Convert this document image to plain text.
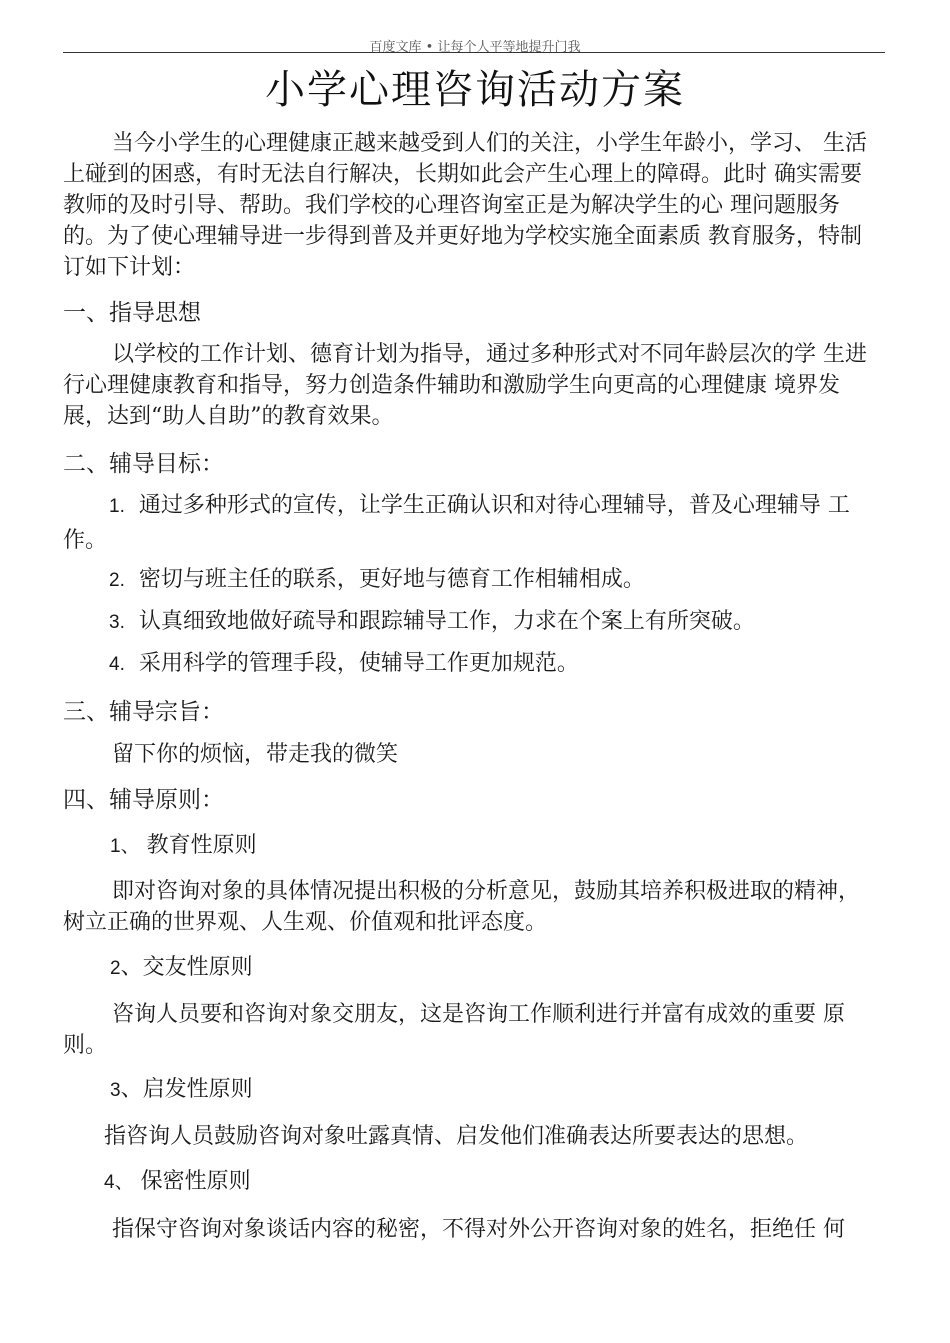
百度文库 • 让每个人平等地提升门我
小学心理咨询活动方案

当今小学生的心理健康正越来越受到人们的关注，小学生年龄小，学习、 生活上碰到的困惑，有时无法自行解决，长期如此会产生心理上的障碍。此时 确实需要教师的及时引导、帮助。我们学校的心理咨询室正是为解决学生的心 理问题服务的。为了使心理辅导进一步得到普及并更好地为学校实施全面素质 教育服务，特制订如下计划：

一、指导思想

以学校的工作计划、德育计划为指导，通过多种形式对不同年龄层次的学 生进行心理健康教育和指导，努力创造条件辅助和激励学生向更高的心理健康 境界发展，达到“助人自助”的教育效果。

二、辅导目标：

1. 通过多种形式的宣传，让学生正确认识和对待心理辅导，普及心理辅导 工作。

2. 密切与班主任的联系，更好地与德育工作相辅相成。

3. 认真细致地做好疏导和跟踪辅导工作，力求在个案上有所突破。

4. 采用科学的管理手段，使辅导工作更加规范。

三、辅导宗旨：

留下你的烦恼，带走我的微笑

四、辅导原则：

1、 教育性原则

即对咨询对象的具体情况提出积极的分析意见，鼓励其培养积极进取的精神，树立正确的世界观、人生观、价值观和批评态度。

2、交友性原则

咨询人员要和咨询对象交朋友，这是咨询工作顺利进行并富有成效的重要 原则。

3、启发性原则

指咨询人员鼓励咨询对象吐露真情、启发他们准确表达所要表达的思想。

4、 保密性原则

指保守咨询对象谈话内容的秘密，不得对外公开咨询对象的姓名，拒绝任 何
